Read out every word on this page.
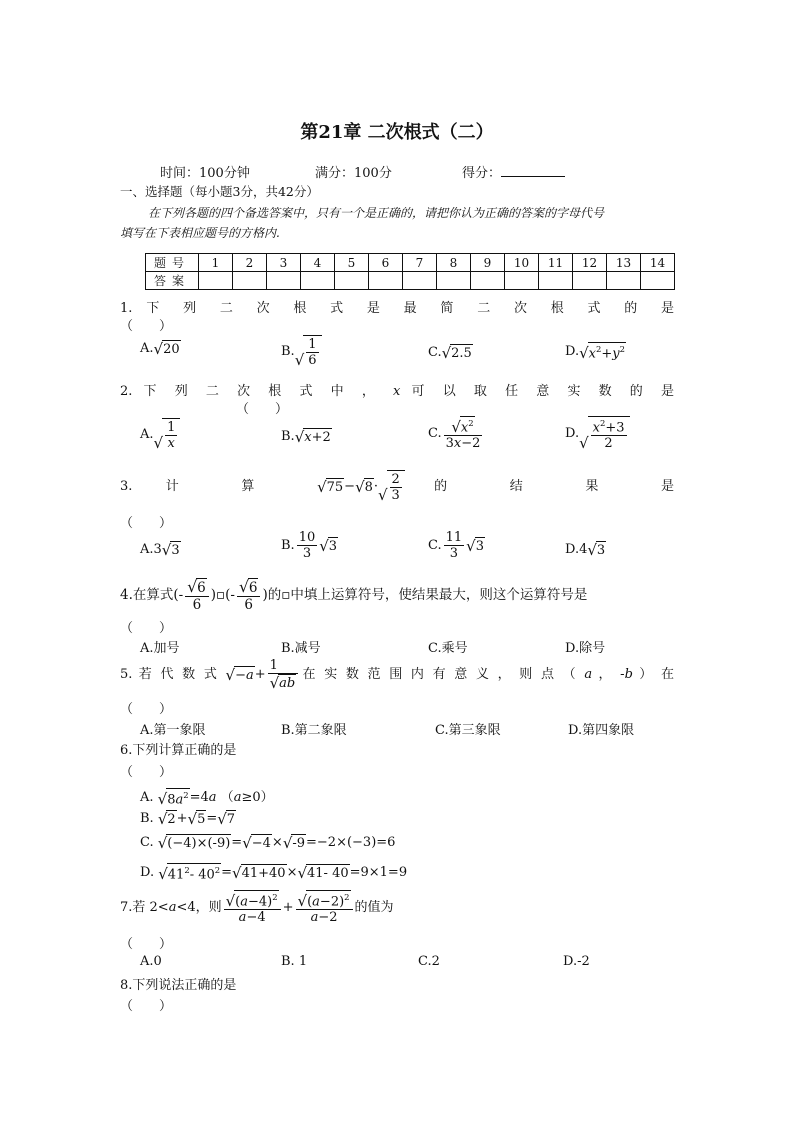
第21章 二次根式（二）
时间：100分钟	满分：100分	得分：
一、选择题（每小题3分，共42分）
在下列各题的四个备选答案中，只有一个是正确的，请把你认为正确的答案的字母代号
填写在下表相应题号的方格内.
题号	1	2	3	4	5	6	7	8	9	10	11	12	13	14
答案														
1. 下 列 二 次 根 式 是 最 简 二 次 根 式 的 是
（　　）
A. √ 20	B. √ $\frac{1}{6}$	C. √ 2.5	D. √ $x^2+y^2$
2. 下 列 二 次 根 式 中 ， x 可 以 取 任 意 实 数 的 是
（　　）
A. √ $\frac{1}{x}$	B. √ x+2	C. $\frac{√ x^2}{3x-2}$	D.
√ $\frac{x^2+3}{2}$
3. 计 算 √ 75 − √ 8 · √ $\frac{2}{3}$ 的 结 果 是
（　　）
A.3 √ 3	B. $\frac{10}{3}$ √ 3	C. $\frac{11}{3}$ √ 3	D.4 √ 3
4.在算式(- $\frac{√ 6}{6}$ )▫(- $\frac{√ 6}{6}$ )的▫中填上运算符号，使结果最大，则这个运算符号是
（　　）
A.加号	B.减号	C.乘号	D.除号
5. 若 代 数 式 √ $-a + \frac{1}{√ ab}$ 在 实 数 范 围 内 有 意 义 ， 则 点 （ a ， -b ） 在
（　　）
A.第一象限	B.第二象限	C.第三象限	D.第四象限
6.下列计算正确的是
（　　）
A. √ $8a^2 =4a$ （a≥0）
B. √ 2 + √ 5 = √ 7
C. √ (−4)×(-9) = √ −4 × √ -9 =−2×(−3)=6
D. √ $41^2-$ $40^2$ = √ 41+40 × √ 41- 40 =9×1=9
7.若 2<a<4，则 $\frac{√ (a-4)^2}{a-4} + \frac{√ (a-2)^2}{a-2}$ 的值为
（　　）
A.0	B. 1	C.2	D.-2
8.下列说法正确的是
（　　）
